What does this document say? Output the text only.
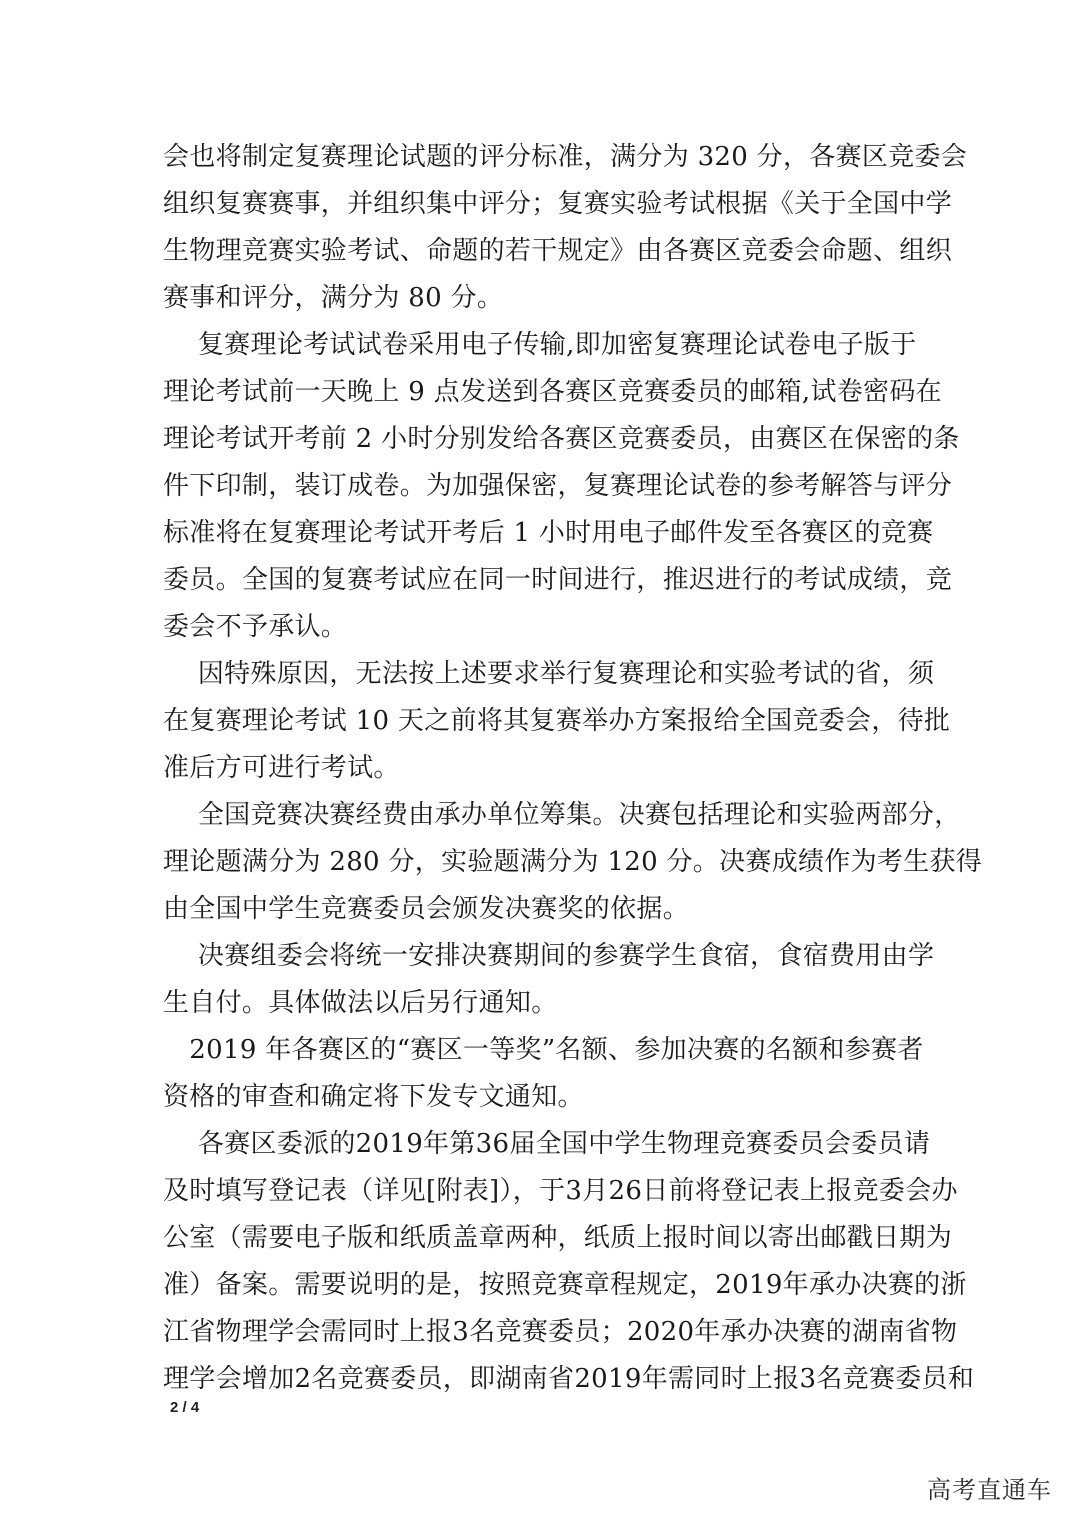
会也将制定复赛理论试题的评分标准，满分为 320 分，各赛区竞委会
组织复赛赛事，并组织集中评分；复赛实验考试根据《关于全国中学
生物理竞赛实验考试、命题的若干规定》由各赛区竞委会命题、组织
赛事和评分，满分为 80 分。
　 复赛理论考试试卷采用电子传输,即加密复赛理论试卷电子版于
理论考试前一天晚上 9 点发送到各赛区竞赛委员的邮箱,试卷密码在
理论考试开考前 2 小时分别发给各赛区竞赛委员，由赛区在保密的条
件下印制，装订成卷。为加强保密，复赛理论试卷的参考解答与评分
标准将在复赛理论考试开考后 1 小时用电子邮件发至各赛区的竞赛
委员。全国的复赛考试应在同一时间进行，推迟进行的考试成绩，竞
委会不予承认。
　 因特殊原因，无法按上述要求举行复赛理论和实验考试的省，须
在复赛理论考试 10 天之前将其复赛举办方案报给全国竞委会，待批
准后方可进行考试。
　 全国竞赛决赛经费由承办单位筹集。决赛包括理论和实验两部分，
理论题满分为 280 分，实验题满分为 120 分。决赛成绩作为考生获得
由全国中学生竞赛委员会颁发决赛奖的依据。
　 决赛组委会将统一安排决赛期间的参赛学生食宿，食宿费用由学
生自付。具体做法以后另行通知。
　2019 年各赛区的“赛区一等奖”名额、参加决赛的名额和参赛者
资格的审查和确定将下发专文通知。
　 各赛区委派的2019年第36届全国中学生物理竞赛委员会委员请
及时填写登记表（详见[附表]），于3月26日前将登记表上报竞委会办
公室（需要电子版和纸质盖章两种，纸质上报时间以寄出邮戳日期为
准）备案。需要说明的是，按照竞赛章程规定，2019年承办决赛的浙
江省物理学会需同时上报3名竞赛委员；2020年承办决赛的湖南省物
理学会增加2名竞赛委员，即湖南省2019年需同时上报3名竞赛委员和
2 / 4
高考直通车
